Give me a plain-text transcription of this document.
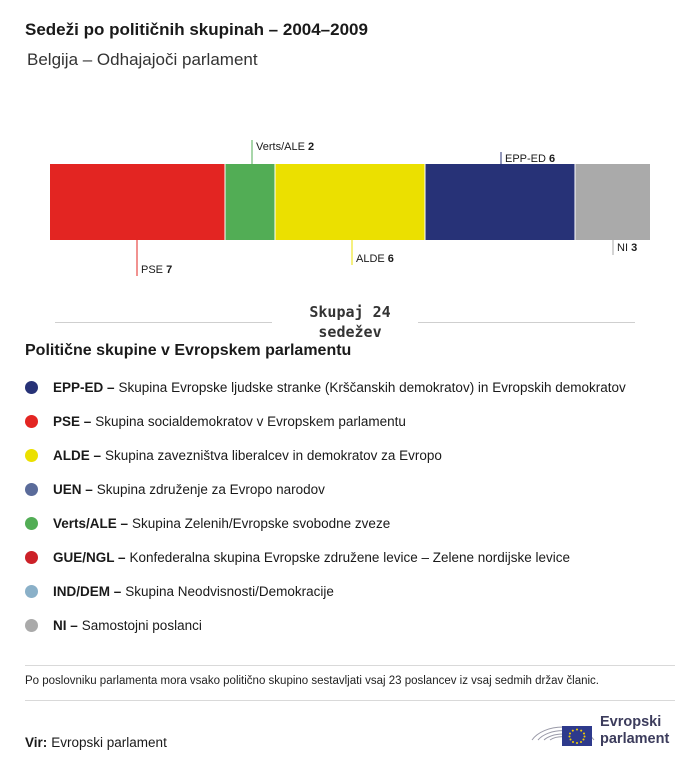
Sedeži po političnih skupinah – 2004–2009
Belgija – Odhajajoči parlament
PSE 7
Verts/ALE 2
ALDE 6
EPP-ED 6
NI 3
Skupaj 24
sedežev
Politične skupine v Evropskem parlamentu
EPP-ED – Skupina Evropske ljudske stranke (Krščanskih demokratov) in Evropskih demokratov
PSE – Skupina socialdemokratov v Evropskem parlamentu
ALDE – Skupina zavezništva liberalcev in demokratov za Evropo
UEN – Skupina združenje za Evropo narodov
Verts/ALE – Skupina Zelenih/Evropske svobodne zveze
GUE/NGL – Konfederalna skupina Evropske združene levice – Zelene nordijske levice
IND/DEM – Skupina Neodvisnosti/Demokracije
NI – Samostojni poslanci
Po poslovniku parlamenta mora vsako politično skupino sestavljati vsaj 23 poslancev iz vsaj sedmih držav članic.
Vir: Evropski parlament
Evropski
parlament
